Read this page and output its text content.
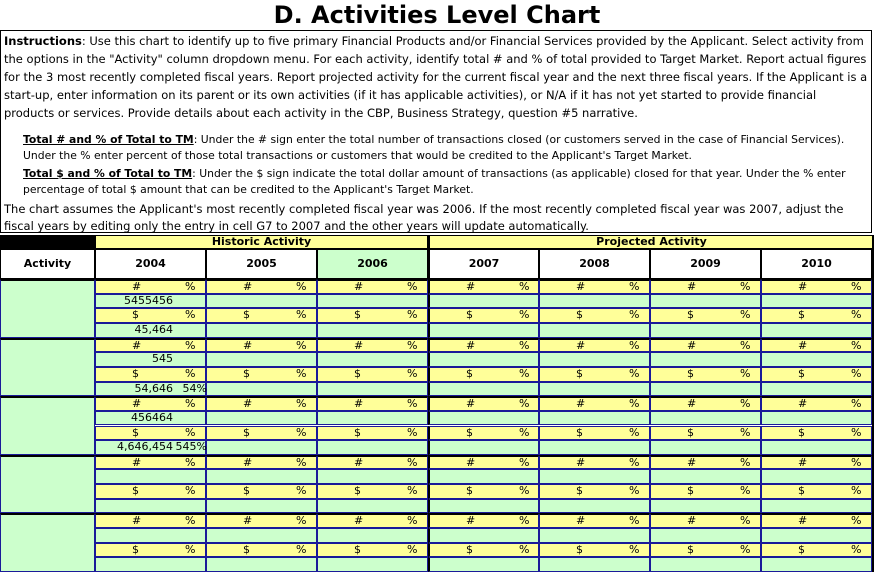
D. Activities Level Chart
Instructions: Use this chart to identify up to five primary Financial Products and/or Financial Services provided by the Applicant. Select activity from the options in the "Activity" column dropdown menu. For each activity, identify total # and % of total provided to Target Market. Report actual figures for the 3 most recently completed fiscal years. Report projected activity for the current fiscal year and the next three fiscal years. If the Applicant is a start-up, enter information on its parent or its own activities (if it has applicable activities), or N/A if it has not yet started to provide financial products or services. Provide details about each activity in the CBP, Business Strategy, question #5 narrative.
Total # and % of Total to TM: Under the # sign enter the total number of transactions closed (or customers served in the case of Financial Services). Under the % enter percent of those total transactions or customers that would be credited to the Applicant's Target Market.
Total $ and % of Total to TM: Under the $ sign indicate the total dollar amount of transactions (as applicable) closed for that year. Under the % enter percentage of total $ amount that can be credited to the Applicant's Target Market.
The chart assumes the Applicant's most recently completed fiscal year was 2006. If the most recently completed fiscal year was 2007, adjust the fiscal years by editing only the entry in cell G7 to 2007 and the other years will update automatically.
Historic Activity	Projected Activity
Activity	2004	2005	2006	2007	2008	2009	2010
#	%	#	%	#	%	#	%	#	%	#	%	#	%
5455456
$	%	$	%	$	%	$	%	$	%	$	%	$	%
45,464
#	%	#	%	#	%	#	%	#	%	#	%	#	%
545
$	%	$	%	$	%	$	%	$	%	$	%	$	%
54,646 54%
#	%	#	%	#	%	#	%	#	%	#	%	#	%
456464
$	%	$	%	$	%	$	%	$	%	$	%	$	%
4,646,454 545%
#	%	#	%	#	%	#	%	#	%	#	%	#	%
$	%	$	%	$	%	$	%	$	%	$	%	$	%
#	%	#	%	#	%	#	%	#	%	#	%	#	%
$	%	$	%	$	%	$	%	$	%	$	%	$	%
